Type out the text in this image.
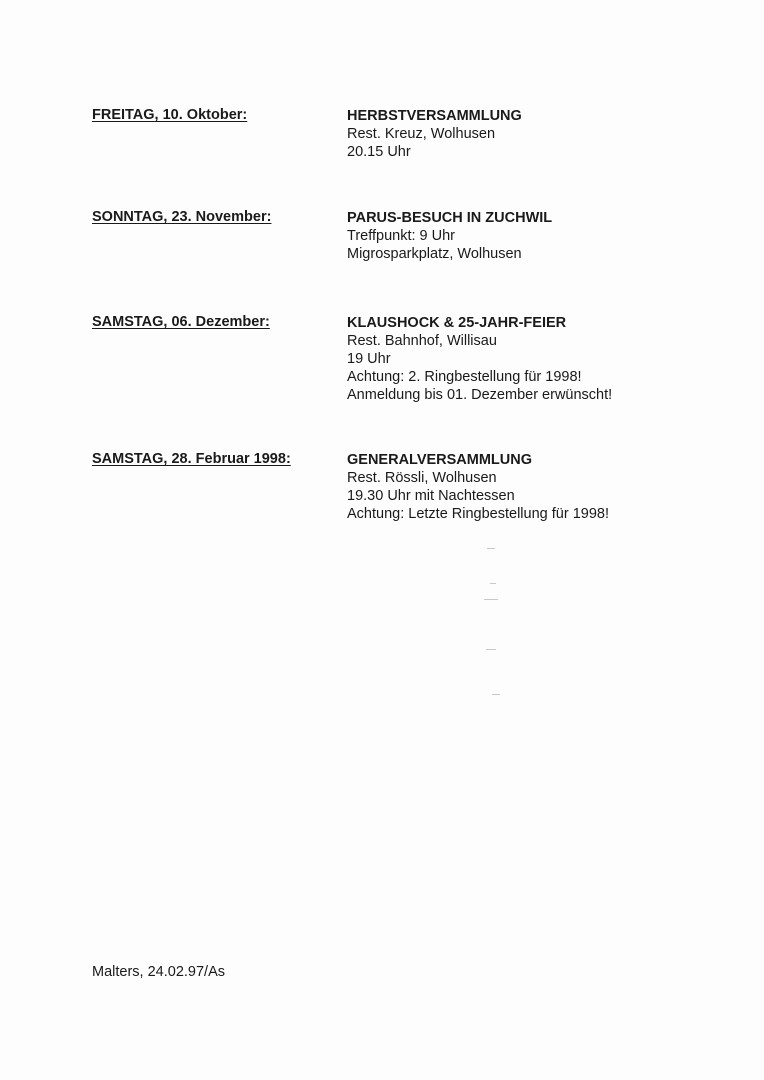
FREITAG, 10. Oktober:	HERBSTVERSAMMLUNG
Rest. Kreuz, Wolhusen
20.15 Uhr
SONNTAG, 23. November:	PARUS-BESUCH IN ZUCHWIL
Treffpunkt: 9 Uhr
Migrosparkplatz, Wolhusen
SAMSTAG, 06. Dezember:	KLAUSHOCK & 25-JAHR-FEIER
Rest. Bahnhof, Willisau
19 Uhr
Achtung: 2. Ringbestellung für 1998!
Anmeldung bis 01. Dezember erwünscht!
SAMSTAG, 28. Februar 1998:	GENERALVERSAMMLUNG
Rest. Rössli, Wolhusen
19.30 Uhr mit Nachtessen
Achtung: Letzte Ringbestellung für 1998!
Malters, 24.02.97/As
